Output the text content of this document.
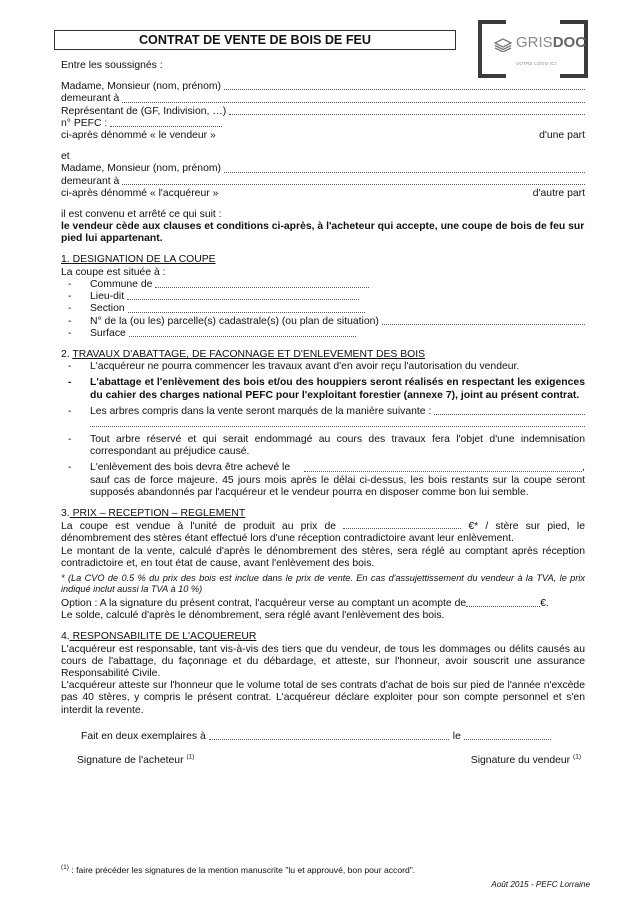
CONTRAT DE VENTE DE BOIS DE FEU	GRISDOC
VOTRE LOGO ICI
Entre les soussignés :
Madame, Monsieur (nom, prénom)
demeurant à
Représentant de (GF, Indivision, …)
n° PEFC :
ci-après dénommé « le vendeur »	d'une part
et
Madame, Monsieur (nom, prénom)
demeurant à
ci-après dénommé « l'acquéreur »	d'autre part
il est convenu et arrêté ce qui suit :
le vendeur cède aux clauses et conditions ci-après, à l'acheteur qui accepte, une coupe de bois de feu sur pied lui appartenant.
1. DESIGNATION DE LA COUPE
La coupe est située à :
- Commune de
- Lieu-dit
- Section
- N° de la (ou les) parcelle(s) cadastrale(s) (ou plan de situation)
- Surface
2. TRAVAUX D'ABATTAGE, DE FACONNAGE ET D'ENLEVEMENT DES BOIS
- L'acquéreur ne pourra commencer les travaux avant d'en avoir reçu l'autorisation du vendeur.
- L'abattage et l'enlèvement des bois et/ou des houppiers seront réalisés en respectant les exigences du cahier des charges national PEFC pour l'exploitant forestier (annexe 7), joint au présent contrat.
- Les arbres compris dans la vente seront marqués de la manière suivante :
- Tout arbre réservé et qui serait endommagé au cours des travaux fera l'objet d'une indemnisation correspondant au préjudice causé.
- L'enlèvement des bois devra être achevé le	,
sauf cas de force majeure. 45 jours mois après le délai ci-dessus, les bois restants sur la coupe seront supposés abandonnés par l'acquéreur et le vendeur pourra en disposer comme bon lui semble.
3. PRIX – RECEPTION – REGLEMENT
La coupe est vendue à l'unité de produit au prix de	€* / stère sur pied, le dénombrement des stères étant effectué lors d'une réception contradictoire avant leur enlèvement.
Le montant de la vente, calculé d'après le dénombrement des stères, sera réglé au comptant après réception contradictoire et, en tout état de cause, avant l'enlèvement des bois.
* (La CVO de 0.5 % du prix des bois est inclue dans le prix de vente. En cas d'assujettissement du vendeur à la TVA, le prix indiqué inclut aussi la TVA à 10 %)
Option : A la signature du présent contrat, l'acquéreur verse au comptant un acompte de	€.
Le solde, calculé d'après le dénombrement, sera réglé avant l'enlèvement des bois.
4. RESPONSABILITE DE L'ACQUEREUR
L'acquéreur est responsable, tant vis-à-vis des tiers que du vendeur, de tous les dommages ou délits causés au cours de l'abattage, du façonnage et du débardage, et atteste, sur l'honneur, avoir souscrit une assurance Responsabilité Civile.
L'acquéreur atteste sur l'honneur que le volume total de ses contrats d'achat de bois sur pied de l'année n'excède pas 40 stères, y compris le présent contrat. L'acquéreur déclare exploiter pour son compte personnel et s'en interdit la revente.
Fait en deux exemplaires à	le
Signature de l'acheteur $^{(1)}$	Signature du vendeur $^{(1)}$
$^{(1)}$ : faire précéder les signatures de la mention manuscrite "lu et approuvé, bon pour accord".
Août 2015 - PEFC Lorraine
